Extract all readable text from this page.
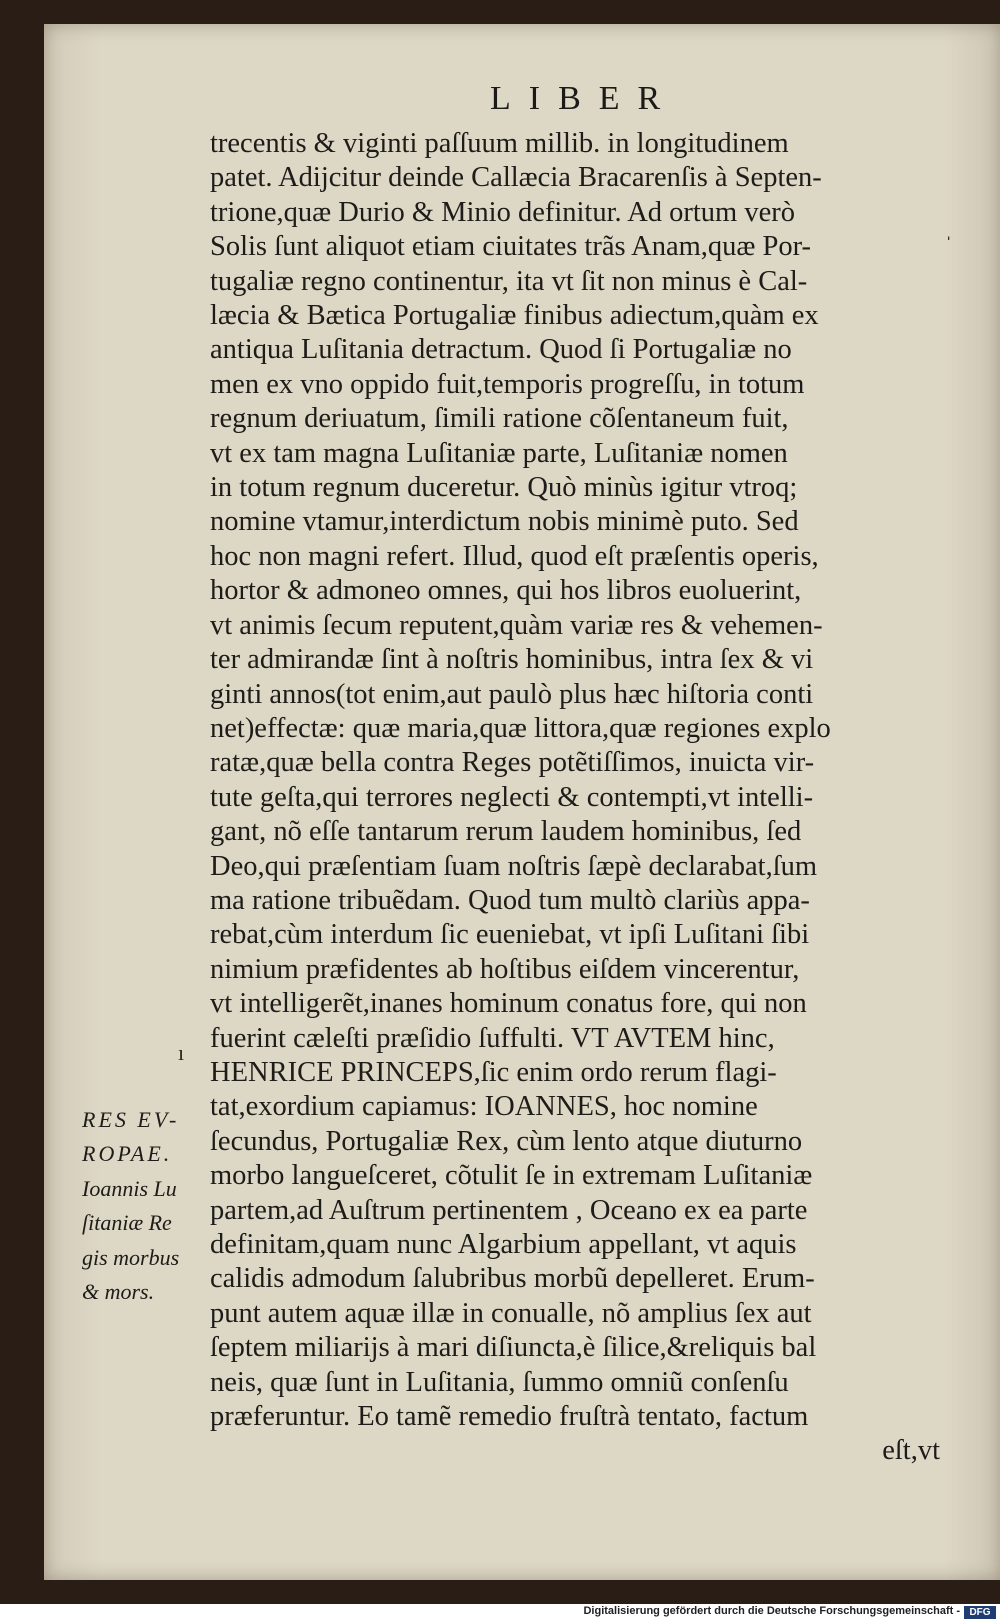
LIBER
trecentis & viginti paſſuum millib. in longitudinem
patet. Adijcitur deinde Callæcia Bracarenſis à Septen-
trione,quæ Durio & Minio definitur. Ad ortum verò
Solis ſunt aliquot etiam ciuitates trãs Anam,quæ Por-
tugaliæ regno continentur, ita vt ſit non minus è Cal-
læcia & Bætica Portugaliæ finibus adiectum,quàm ex
antiqua Luſitania detractum. Quod ſi Portugaliæ no
men ex vno oppido fuit,temporis progreſſu, in totum
regnum deriuatum, ſimili ratione cõſentaneum fuit,
vt ex tam magna Luſitaniæ parte, Luſitaniæ nomen
in totum regnum duceretur. Quò minùs igitur vtroq;
nomine vtamur,interdictum nobis minimè puto. Sed
hoc non magni refert. Illud, quod eſt præſentis operis,
hortor & admoneo omnes, qui hos libros euoluerint,
vt animis ſecum reputent,quàm variæ res & vehemen-
ter admirandæ ſint à noſtris hominibus, intra ſex & vi
ginti annos(tot enim,aut paulò plus hæc hiſtoria conti
net)effectæ: quæ maria,quæ littora,quæ regiones explo
ratæ,quæ bella contra Reges potẽtiſſimos, inuicta vir-
tute geſta,qui terrores neglecti & contempti,vt intelli-
gant, nõ eſſe tantarum rerum laudem hominibus, ſed
Deo,qui præſentiam ſuam noſtris ſæpè declarabat,ſum
ma ratione tribuẽdam. Quod tum multò clariùs appa-
rebat,cùm interdum ſic eueniebat, vt ipſi Luſitani ſibi
nimium præfidentes ab hoſtibus eiſdem vincerentur,
vt intelligerẽt,inanes hominum conatus fore, qui non
fuerint cæleſti præſidio ſuffulti. VT AVTEM hinc,
HENRICE PRINCEPS,ſic enim ordo rerum flagi-
tat,exordium capiamus: IOANNES, hoc nomine
ſecundus, Portugaliæ Rex, cùm lento atque diuturno
morbo langueſceret, cõtulit ſe in extremam Luſitaniæ
partem,ad Auſtrum pertinentem , Oceano ex ea parte
definitam,quam nunc Algarbium appellant, vt aquis
calidis admodum ſalubribus morbũ depelleret. Erum-
punt autem aquæ illæ in conualle, nõ amplius ſex aut
ſeptem miliarijs à mari diſiuncta,è ſilice,&reliquis bal
neis, quæ ſunt in Luſitania, ſummo omniũ conſenſu
præferuntur. Eo tamẽ remedio fruſtrà tentato, factum
eſt,vt
RES EV-
ROPAE.
Ioannis Lu
ſitaniæ Re
gis morbus
& mors.
ˈ
ı
Digitalisierung gefördert durch die Deutsche Forschungsgemeinschaft - DFG
